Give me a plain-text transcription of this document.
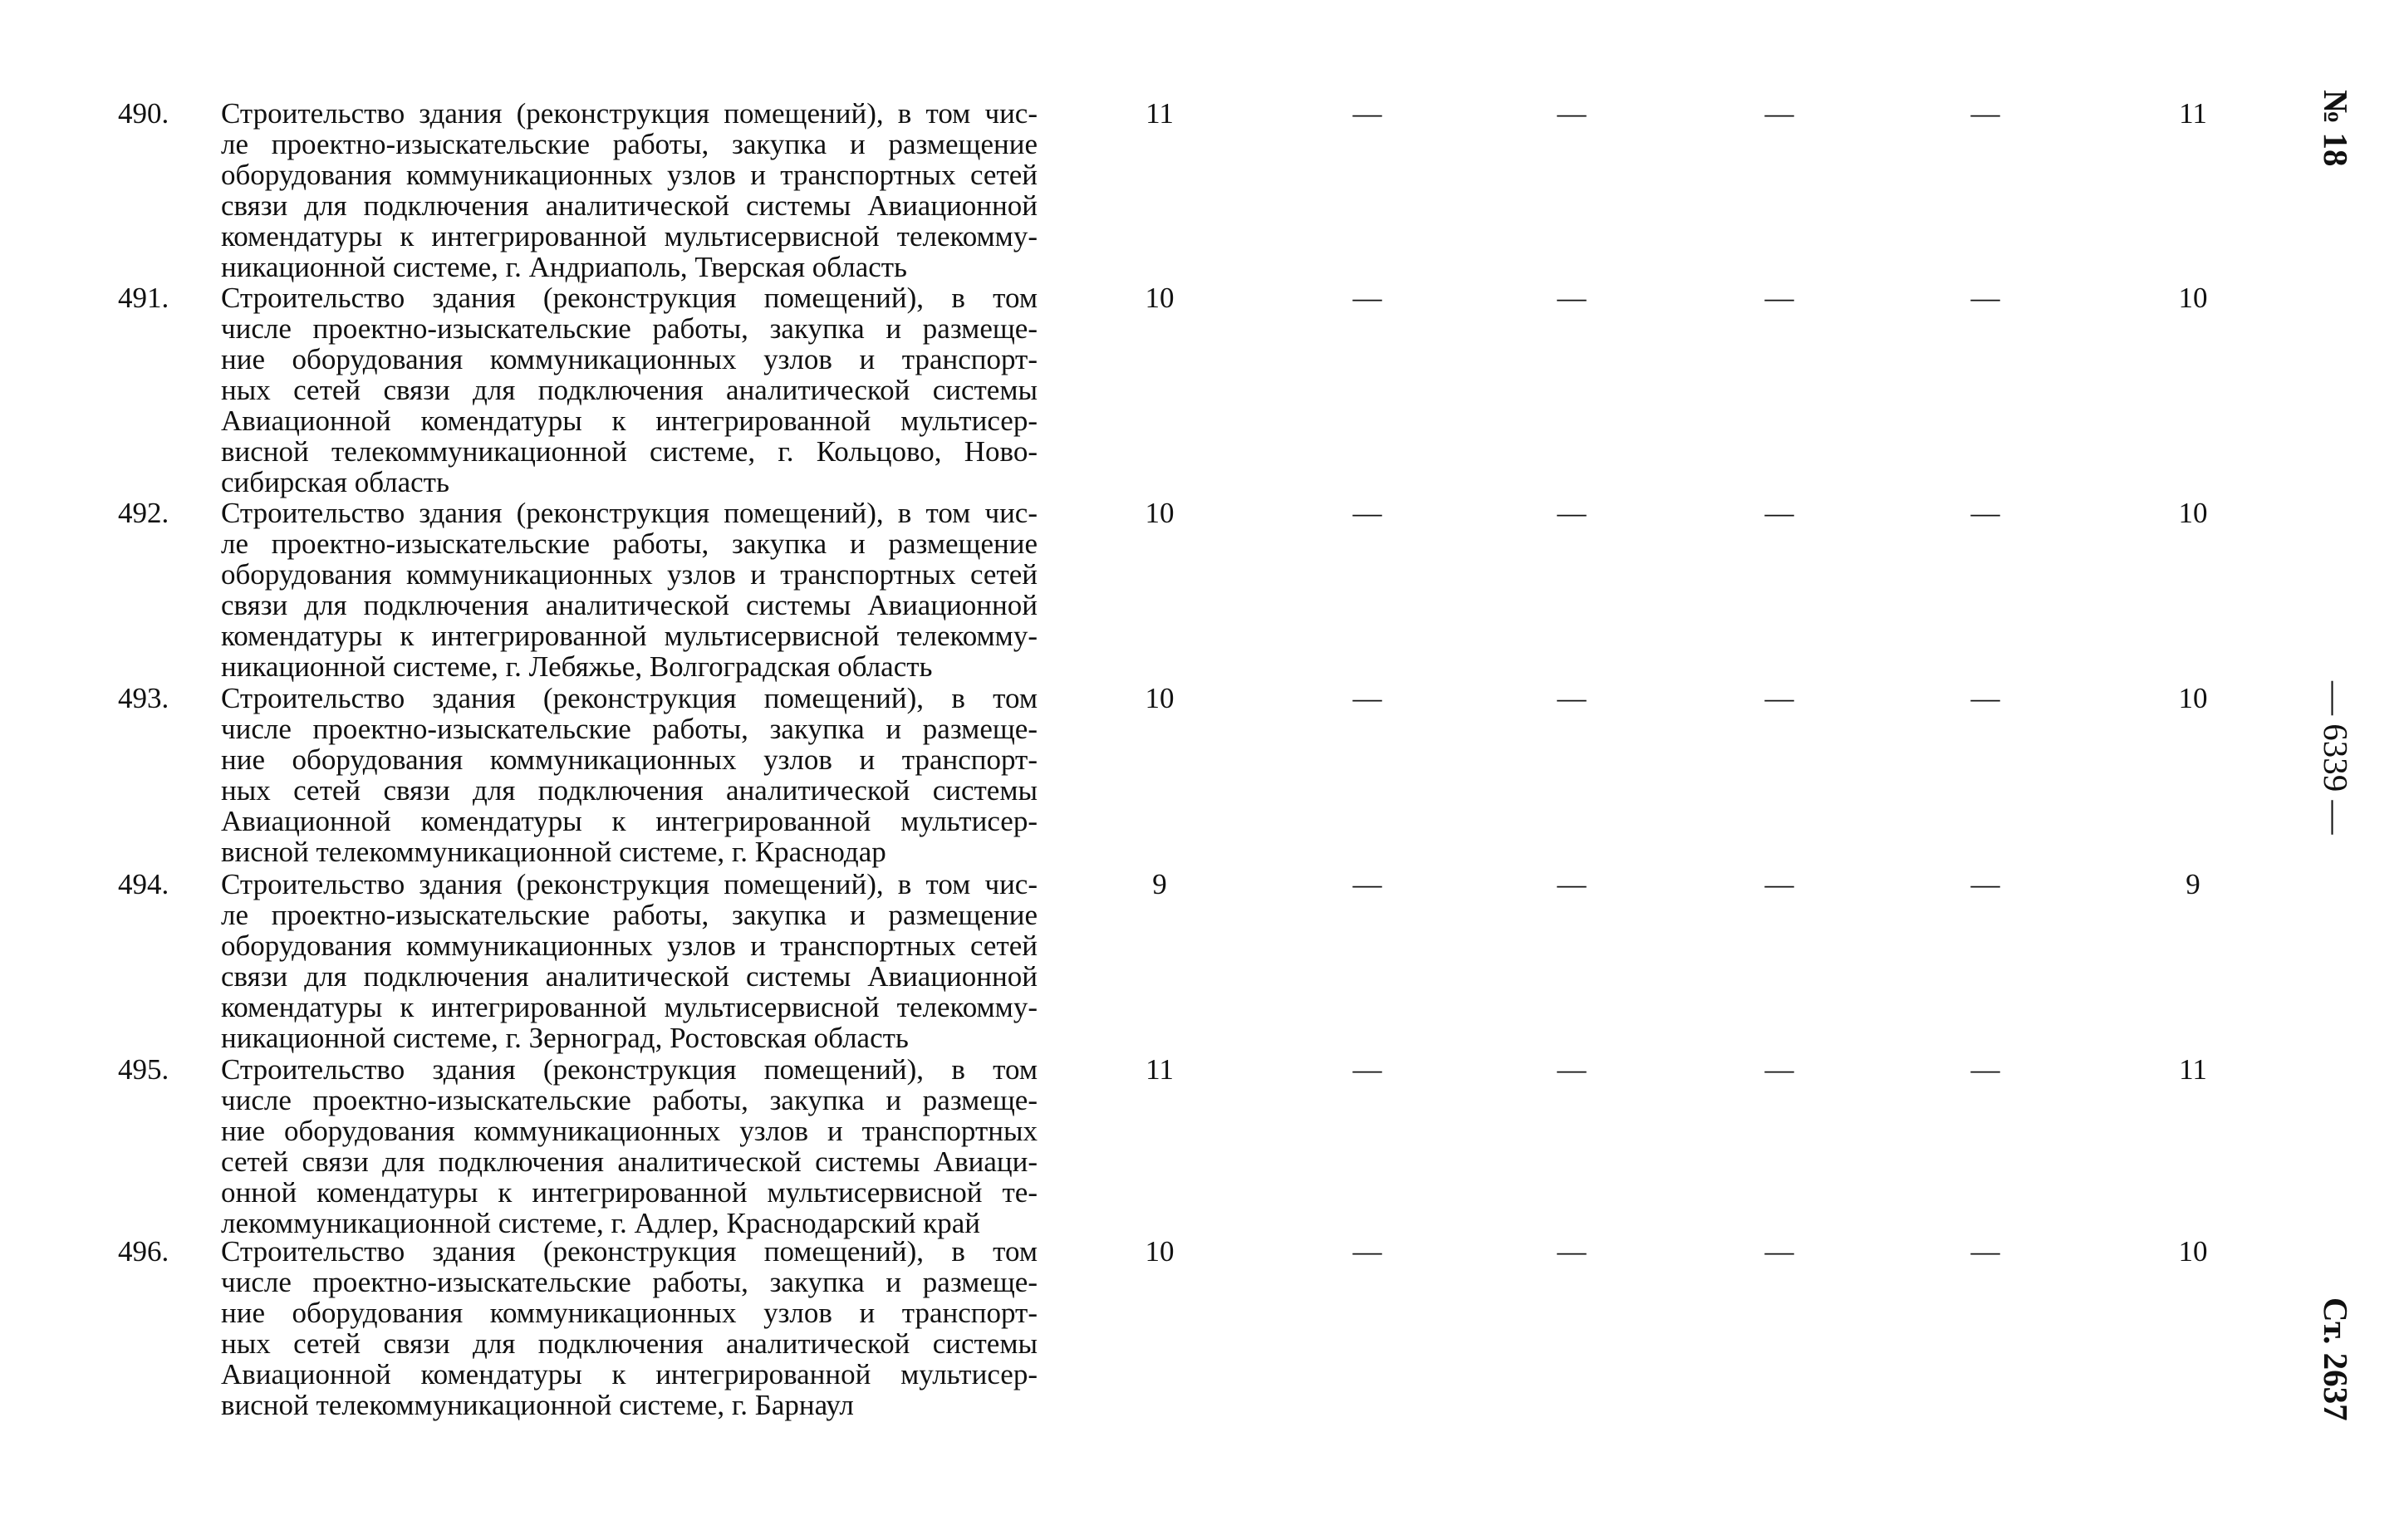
490. Строительство здания (реконструкция помещений), в том чис-
ле проектно-изыскательские работы, закупка и размещение
оборудования коммуникационных узлов и транспортных сетей
связи для подключения аналитической системы Авиационной
комендатуры к интегрированной мультисервисной телекомму-
никационной системе, г. Андриаполь, Тверская область
11	—	—	—	—	11
491. Строительство здания (реконструкция помещений), в том
числе проектно-изыскательские работы, закупка и размеще-
ние оборудования коммуникационных узлов и транспорт-
ных сетей связи для подключения аналитической системы
Авиационной комендатуры к интегрированной мультисер-
висной телекоммуникационной системе, г. Кольцово, Ново-
сибирская область
10	—	—	—	—	10
492. Строительство здания (реконструкция помещений), в том чис-
ле проектно-изыскательские работы, закупка и размещение
оборудования коммуникационных узлов и транспортных сетей
связи для подключения аналитической системы Авиационной
комендатуры к интегрированной мультисервисной телекомму-
никационной системе, г. Лебяжье, Волгоградская область
10	—	—	—	—	10
493. Строительство здания (реконструкция помещений), в том
числе проектно-изыскательские работы, закупка и размеще-
ние оборудования коммуникационных узлов и транспорт-
ных сетей связи для подключения аналитической системы
Авиационной комендатуры к интегрированной мультисер-
висной телекоммуникационной системе, г. Краснодар
10	—	—	—	—	10
494. Строительство здания (реконструкция помещений), в том чис-
ле проектно-изыскательские работы, закупка и размещение
оборудования коммуникационных узлов и транспортных сетей
связи для подключения аналитической системы Авиационной
комендатуры к интегрированной мультисервисной телекомму-
никационной системе, г. Зерноград, Ростовская область
9	—	—	—	—	9
495. Строительство здания (реконструкция помещений), в том
числе проектно-изыскательские работы, закупка и размеще-
ние оборудования коммуникационных узлов и транспортных
сетей связи для подключения аналитической системы Авиаци-
онной комендатуры к интегрированной мультисервисной те-
лекоммуникационной системе, г. Адлер, Краснодарский край
11	—	—	—	—	11
496. Строительство здания (реконструкция помещений), в том
числе проектно-изыскательские работы, закупка и размеще-
ние оборудования коммуникационных узлов и транспорт-
ных сетей связи для подключения аналитической системы
Авиационной комендатуры к интегрированной мультисер-
висной телекоммуникационной системе, г. Барнаул
10	—	—	—	—	10
№ 18
— 6339 —
Ст. 2637
